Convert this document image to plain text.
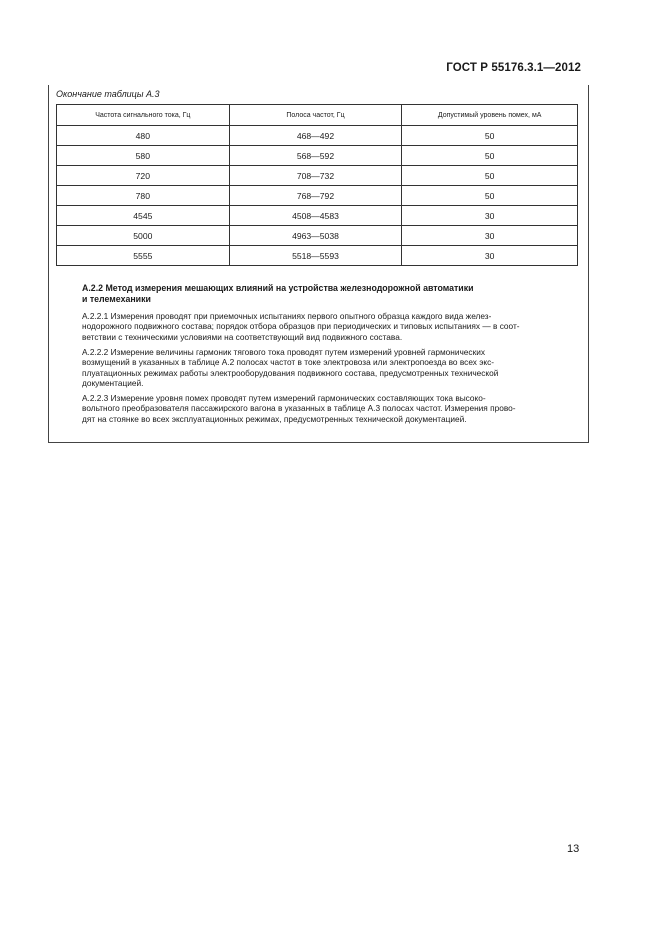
ГОСТ Р 55176.3.1—2012
Окончание таблицы А.3
Частота сигнального тока, Гц	Полоса частот, Гц	Допустимый уровень помех, мА
480	468—492	50
580	568—592	50
720	708—732	50
780	768—792	50
4545	4508—4583	30
5000	4963—5038	30
5555	5518—5593	30
А.2.2 Метод измерения мешающих влияний на устройства железнодорожной автоматики
и телемеханики

А.2.2.1 Измерения проводят при приемочных испытаниях первого опытного образца каждого вида желез-

нодорожного подвижного состава; порядок отбора образцов при периодических и типовых испытаниях — в соот-

ветствии с техническими условиями на соответствующий вид подвижного состава.

А.2.2.2 Измерение величины гармоник тягового тока проводят путем измерений уровней гармонических

возмущений в указанных в таблице А.2 полосах частот в токе электровоза или электропоезда во всех экс-

плуатационных режимах работы электрооборудования подвижного состава, предусмотренных технической

документацией.

А.2.2.3 Измерение уровня помех проводят путем измерений гармонических составляющих тока высоко-

вольтного преобразователя пассажирского вагона в указанных в таблице А.3 полосах частот. Измерения прово-

дят на стоянке во всех эксплуатационных режимах, предусмотренных технической документацией.

13
